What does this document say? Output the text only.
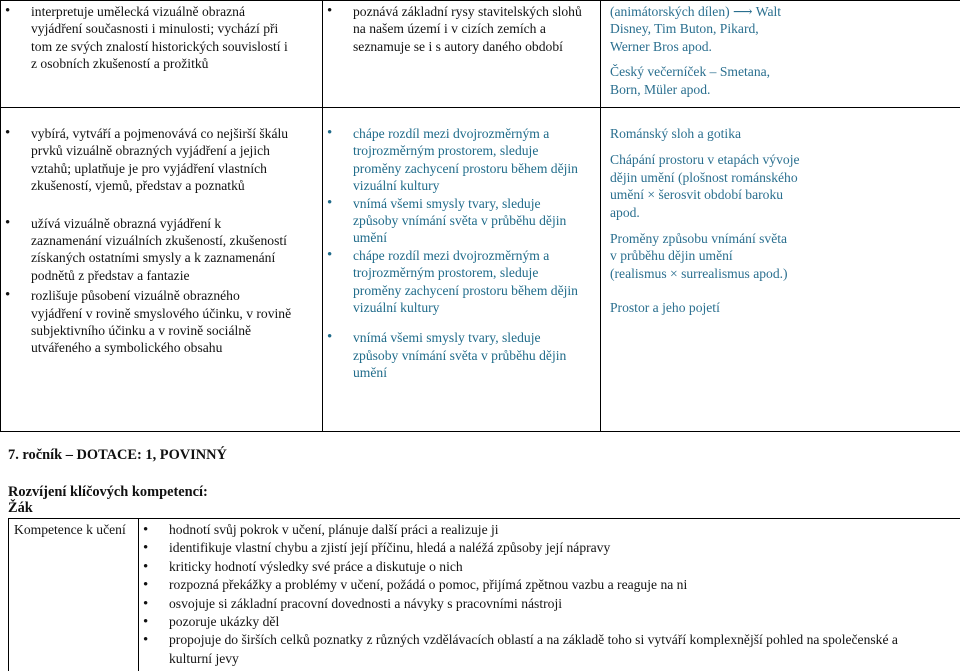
• interpretuje umělecká vizuálně obrazná vyjádření současnosti i minulosti; vychází při tom ze svých znalostí historických souvislostí i z osobních zkušeností a prožitků
• poznává základní rysy stavitelských slohů na našem území i v cizích zemích a seznamuje se i s autory daného období

(animátorských dílen) ⟶ Walt Disney, Tim Buton, Pikard, Werner Bros apod.

Český večerníček – Smetana, Born, Müler apod.

• vybírá, vytváří a pojmenovává co nejširší škálu prvků vizuálně obrazných vyjádření a jejich vztahů; uplatňuje je pro vyjádření vlastních zkušeností, vjemů, představ a poznatků
• užívá vizuálně obrazná vyjádření k zaznamenání vizuálních zkušeností, zkušeností získaných ostatními smysly a k zaznamenání podnětů z představ a fantazie
• rozlišuje působení vizuálně obrazného vyjádření v rovině smyslového účinku, v rovině subjektivního účinku a v rovině sociálně utvářeného a symbolického obsahu
• chápe rozdíl mezi dvojrozměrným a trojrozměrným prostorem, sleduje proměny zachycení prostoru během dějin vizuální kultury
• vnímá všemi smysly tvary, sleduje způsoby vnímání světa v průběhu dějin umění
• chápe rozdíl mezi dvojrozměrným a trojrozměrným prostorem, sleduje proměny zachycení prostoru během dějin vizuální kultury
• vnímá všemi smysly tvary, sleduje způsoby vnímání světa v průběhu dějin umění

Románský sloh a gotika

Chápání prostoru v etapách vývoje dějin umění (plošnost románského umění × šerosvit období baroku apod.

Proměny způsobu vnímání světa v průběhu dějin umění (realismus × surrealismus apod.)

Prostor a jeho pojetí

7. ročník – DOTACE: 1, POVINNÝ
Rozvíjení klíčových kompetencí:
Žák
Kompetence k učení
•	hodnotí svůj pokrok v učení, plánuje další práci a realizuje ji
• identifikuje vlastní chybu a zjistí její příčinu, hledá a naléžá způsoby její nápravy
• kriticky hodnotí výsledky své práce a diskutuje o nich
• rozpozná překážky a problémy v učení, požádá o pomoc, přijímá zpětnou vazbu a reaguje na ni
• osvojuje si základní pracovní dovednosti a návyky s pracovními nástroji
• pozoruje ukázky děl
• propojuje do širších celků poznatky z různých vzdělávacích oblastí a na základě toho si vytváří komplexnější pohled na společenské a kulturní jevy
